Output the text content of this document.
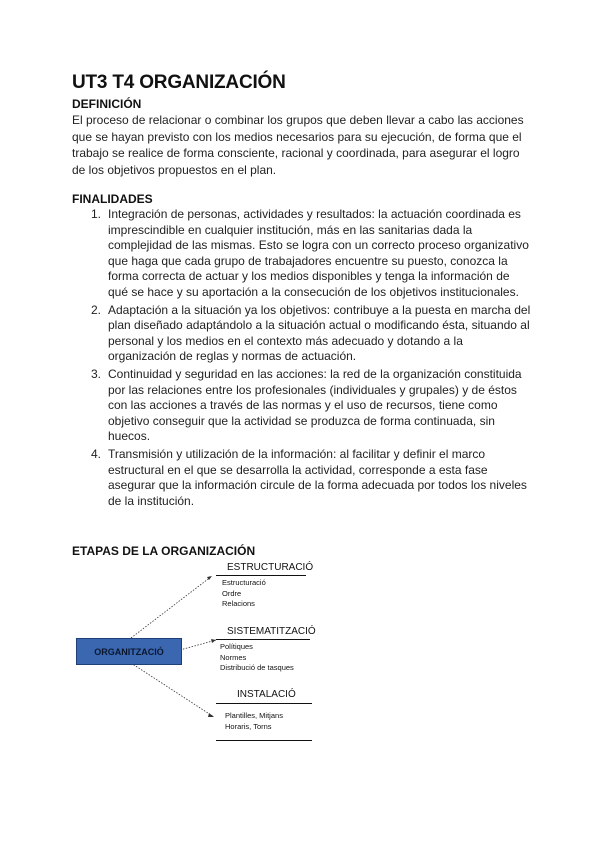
UT3 T4 ORGANIZACIÓN

DEFINICIÓN

El proceso de relacionar o combinar los grupos que deben llevar a cabo las acciones que se hayan previsto con los medios necesarios para su ejecución, de forma que el trabajo se realice de forma consciente, racional y coordinada, para asegurar el logro de los objetivos propuestos en el plan.

FINALIDADES

1. Integración de personas, actividades y resultados: la actuación coordinada es imprescindible en cualquier institución, más en las sanitarias dada la complejidad de las mismas. Esto se logra con un correcto proceso organizativo que haga que cada grupo de trabajadores encuentre su puesto, conozca la forma correcta de actuar y los medios disponibles y tenga la información de qué se hace y su aportación a la consecución de los objetivos institucionales.
2. Adaptación a la situación ya los objetivos: contribuye a la puesta en marcha del plan diseñado adaptándolo a la situación actual o modificando ésta, situando al personal y los medios en el contexto más adecuado y dotando a la organización de reglas y normas de actuación.
3. Continuidad y seguridad en las acciones: la red de la organización constituida por las relaciones entre los profesionales (individuales y grupales) y de éstos con las acciones a través de las normas y el uso de recursos, tiene como objetivo conseguir que la actividad se produzca de forma continuada, sin huecos.
4. Transmisión y utilización de la información: al facilitar y definir el marco estructural en el que se desarrolla la actividad, corresponde a esta fase asegurar que la información circule de la forma adecuada por todos los niveles de la institución.

ETAPAS DE LA ORGANIZACIÓN

ORGANITZACIÓ
ESTRUCTURACIÓ
Estructuració
Ordre
Relacions
SISTEMATITZACIÓ
Polítiques
Normes
Distribució de tasques
INSTALACIÓ
Plantilles, Mitjans
Horaris, Torns
